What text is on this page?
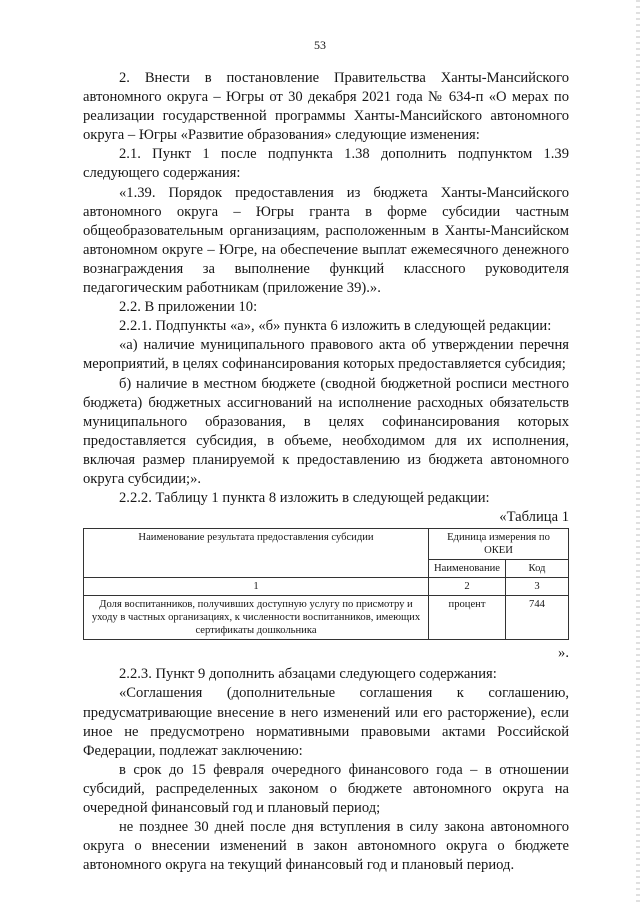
53

2. Внести в постановление Правительства Ханты-Мансийского автономного округа – Югры от 30 декабря 2021 года № 634-п «О мерах по реализации государственной программы Ханты-Мансийского автономного округа – Югры «Развитие образования» следующие изменения:

2.1. Пункт 1 после подпункта 1.38 дополнить подпунктом 1.39 следующего содержания:

«1.39. Порядок предоставления из бюджета Ханты-Мансийского автономного округа – Югры гранта в форме субсидии частным общеобразовательным организациям, расположенным в Ханты-Мансийском автономном округе – Югре, на обеспечение выплат ежемесячного денежного вознаграждения за выполнение функций классного руководителя педагогическим работникам (приложение 39).».

2.2. В приложении 10:

2.2.1. Подпункты «а», «б» пункта 6 изложить в следующей редакции:

«а) наличие муниципального правового акта об утверждении перечня мероприятий, в целях софинансирования которых предоставляется субсидия;

б) наличие в местном бюджете (сводной бюджетной росписи местного бюджета) бюджетных ассигнований на исполнение расходных обязательств муниципального образования, в целях софинансирования которых предоставляется субсидия, в объеме, необходимом для их исполнения, включая размер планируемой к предоставлению из бюджета автономного округа субсидии;».

2.2.2. Таблицу 1 пункта 8 изложить в следующей редакции:

«Таблица 1

Наименование результата предоставления субсидии	Единица измерения по ОКЕИ	
	Наименование	Код
1	2	3
Доля воспитанников, получивших доступную услугу по присмотру и уходу в частных организациях, к численности воспитанников, имеющих сертификаты дошкольника	процент	744

».

2.2.3. Пункт 9 дополнить абзацами следующего содержания:

«Соглашения (дополнительные соглашения к соглашению, предусматривающие внесение в него изменений или его расторжение), если иное не предусмотрено нормативными правовыми актами Российской Федерации, подлежат заключению:

в срок до 15 февраля очередного финансового года – в отношении субсидий, распределенных законом о бюджете автономного округа на очередной финансовый год и плановый период;

не позднее 30 дней после дня вступления в силу закона автономного округа о внесении изменений в закон автономного округа о бюджете автономного округа на текущий финансовый год и плановый период.
